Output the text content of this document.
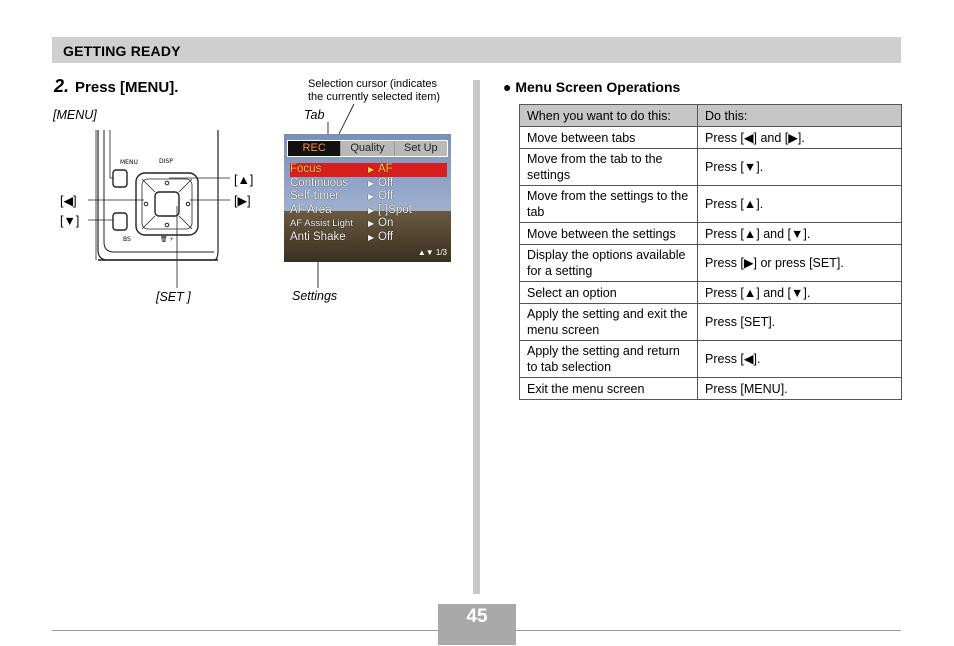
GETTING READY
2. Press [MENU].
[MENU]
[SET ]
[◀]
[▼]
[▲]
[▶]
🗑 ⚡
MENU	DISP
BS
Selection cursor (indicates
the currently selected item)
Tab
Settings
REC	Quality	Set Up
Focus	▶ AF
Continuous	▶ Off
Self-timer	▶ Off
AF Area	▶ [·]Spot
AF Assist Light	▶ On
Anti Shake	▶ Off
▲▼ 1/3
● Menu Screen Operations
When you want to do this:	Do this:
Move between tabs	Press [◀] and [▶].
Move from the tab to the settings	Press [▼].
Move from the settings to the tab	Press [▲].
Move between the settings	Press [▲] and [▼].
Display the options available for a setting	Press [▶] or press [SET].
Select an option	Press [▲] and [▼].
Apply the setting and exit the menu screen	Press [SET].
Apply the setting and return to tab selection	Press [◀].
Exit the menu screen	Press [MENU].
45
